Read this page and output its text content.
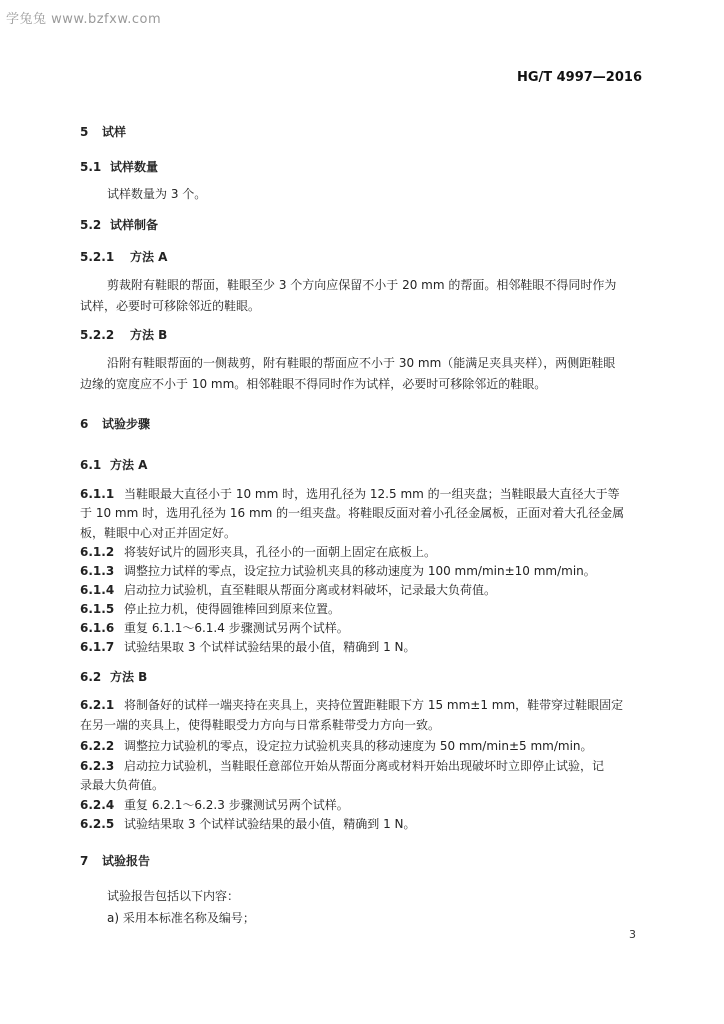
学兔兔 www.bzfxw.com
HG/T 4997—2016
5 试样
5.1 试样数量
试样数量为 3 个。
5.2 试样制备
5.2.1 方法 A
剪裁附有鞋眼的帮面，鞋眼至少 3 个方向应保留不小于 20 mm 的帮面。相邻鞋眼不得同时作为
试样，必要时可移除邻近的鞋眼。
5.2.2 方法 B
沿附有鞋眼帮面的一侧裁剪，附有鞋眼的帮面应不小于 30 mm（能满足夹具夹样），两侧距鞋眼
边缘的宽度应不小于 10 mm。相邻鞋眼不得同时作为试样，必要时可移除邻近的鞋眼。
6 试验步骤
6.1 方法 A
6.1.1 当鞋眼最大直径小于 10 mm 时，选用孔径为 12.5 mm 的一组夹盘；当鞋眼最大直径大于等
于 10 mm 时，选用孔径为 16 mm 的一组夹盘。将鞋眼反面对着小孔径金属板，正面对着大孔径金属
板，鞋眼中心对正并固定好。
6.1.2 将装好试片的圆形夹具，孔径小的一面朝上固定在底板上。
6.1.3 调整拉力试样的零点，设定拉力试验机夹具的移动速度为 100 mm/min±10 mm/min。
6.1.4 启动拉力试验机，直至鞋眼从帮面分离或材料破坏，记录最大负荷值。
6.1.5 停止拉力机，使得圆锥棒回到原来位置。
6.1.6 重复 6.1.1～6.1.4 步骤测试另两个试样。
6.1.7 试验结果取 3 个试样试验结果的最小值，精确到 1 N。
6.2 方法 B
6.2.1 将制备好的试样一端夹持在夹具上，夹持位置距鞋眼下方 15 mm±1 mm，鞋带穿过鞋眼固定
在另一端的夹具上，使得鞋眼受力方向与日常系鞋带受力方向一致。
6.2.2 调整拉力试验机的零点，设定拉力试验机夹具的移动速度为 50 mm/min±5 mm/min。
6.2.3 启动拉力试验机，当鞋眼任意部位开始从帮面分离或材料开始出现破坏时立即停止试验，记
录最大负荷值。
6.2.4 重复 6.2.1～6.2.3 步骤测试另两个试样。
6.2.5 试验结果取 3 个试样试验结果的最小值，精确到 1 N。
7 试验报告
试验报告包括以下内容：
a) 采用本标准名称及编号；
3
